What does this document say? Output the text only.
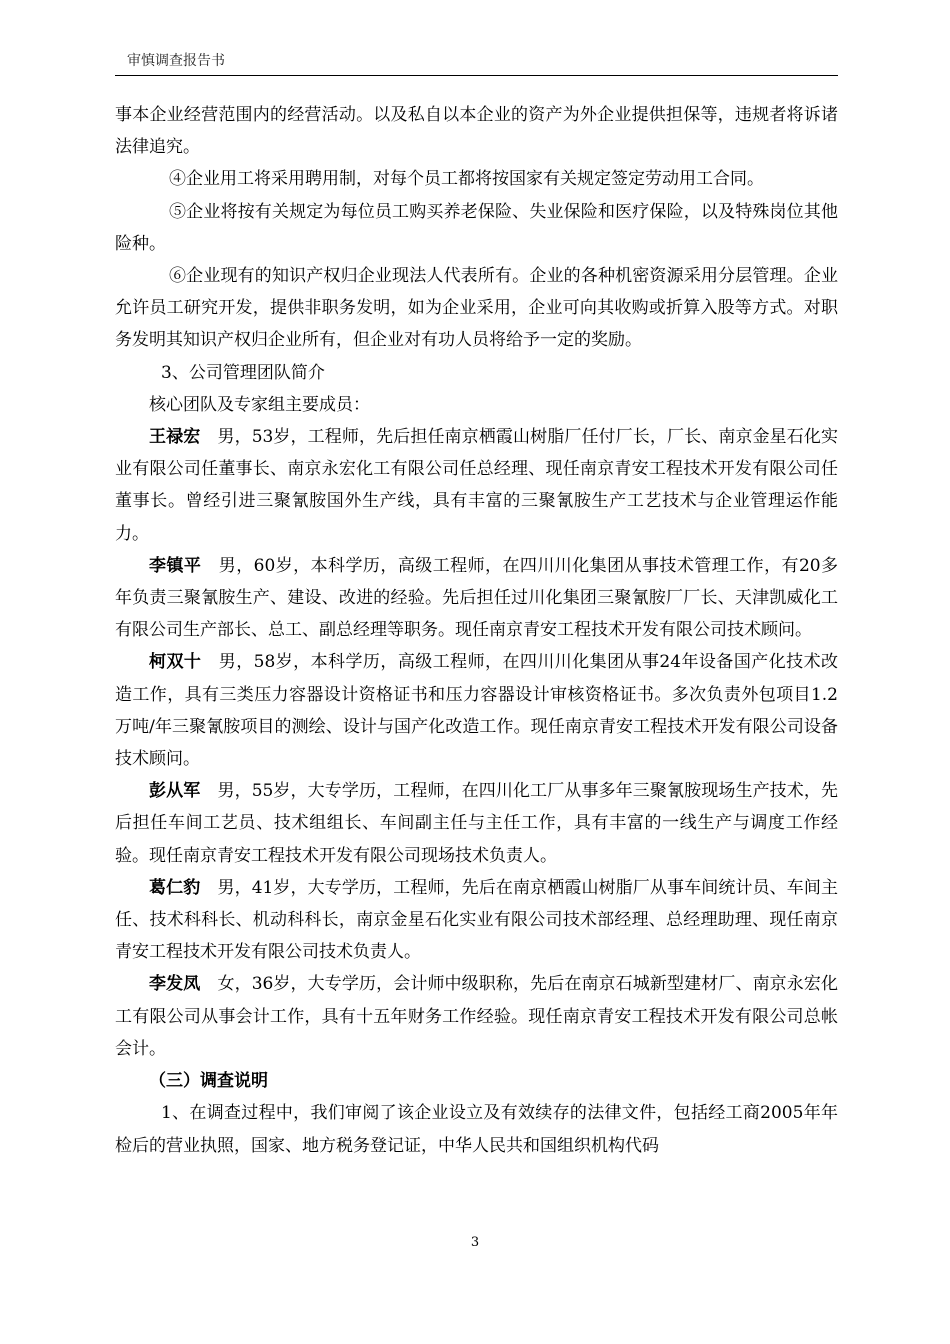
审慎调查报告书

事本企业经营范围内的经营活动。以及私自以本企业的资产为外企业提供担保等，违规者将诉诸法律追究。

④企业用工将采用聘用制，对每个员工都将按国家有关规定签定劳动用工合同。

⑤企业将按有关规定为每位员工购买养老保险、失业保险和医疗保险，以及特殊岗位其他险种。

⑥企业现有的知识产权归企业现法人代表所有。企业的各种机密资源采用分层管理。企业允许员工研究开发，提供非职务发明，如为企业采用，企业可向其收购或折算入股等方式。对职务发明其知识产权归企业所有，但企业对有功人员将给予一定的奖励。

3、公司管理团队简介

核心团队及专家组主要成员：

王禄宏　 男，53岁，工程师，先后担任南京栖霞山树脂厂任付厂长，厂长、南京金星石化实业有限公司任董事长、南京永宏化工有限公司任总经理、现任南京青安工程技术开发有限公司任董事长。曾经引进三聚氰胺国外生产线，具有丰富的三聚氰胺生产工艺技术与企业管理运作能力。

李镇平　 男，60岁，本科学历，高级工程师，在四川川化集团从事技术管理工作，有20多年负责三聚氰胺生产、建设、改进的经验。先后担任过川化集团三聚氰胺厂厂长、天津凯威化工有限公司生产部长、总工、副总经理等职务。现任南京青安工程技术开发有限公司技术顾问。

柯双十　 男，58岁，本科学历，高级工程师，在四川川化集团从事24年设备国产化技术改造工作，具有三类压力容器设计资格证书和压力容器设计审核资格证书。多次负责外包项目1.2万吨/年三聚氰胺项目的测绘、设计与国产化改造工作。现任南京青安工程技术开发有限公司设备技术顾问。

彭从军　 男，55岁，大专学历，工程师，在四川化工厂从事多年三聚氰胺现场生产技术，先后担任车间工艺员、技术组组长、车间副主任与主任工作，具有丰富的一线生产与调度工作经验。现任南京青安工程技术开发有限公司现场技术负责人。

葛仁豹　 男，41岁，大专学历，工程师，先后在南京栖霞山树脂厂从事车间统计员、车间主任、技术科科长、机动科科长，南京金星石化实业有限公司技术部经理、总经理助理、现任南京青安工程技术开发有限公司技术负责人。

李发凤　 女，36岁，大专学历，会计师中级职称，先后在南京石城新型建材厂、南京永宏化工有限公司从事会计工作，具有十五年财务工作经验。现任南京青安工程技术开发有限公司总帐会计。

（三）调查说明

1、在调查过程中，我们审阅了该企业设立及有效续存的法律文件，包括经工商2005年年检后的营业执照，国家、地方税务登记证，中华人民共和国组织机构代码

3
